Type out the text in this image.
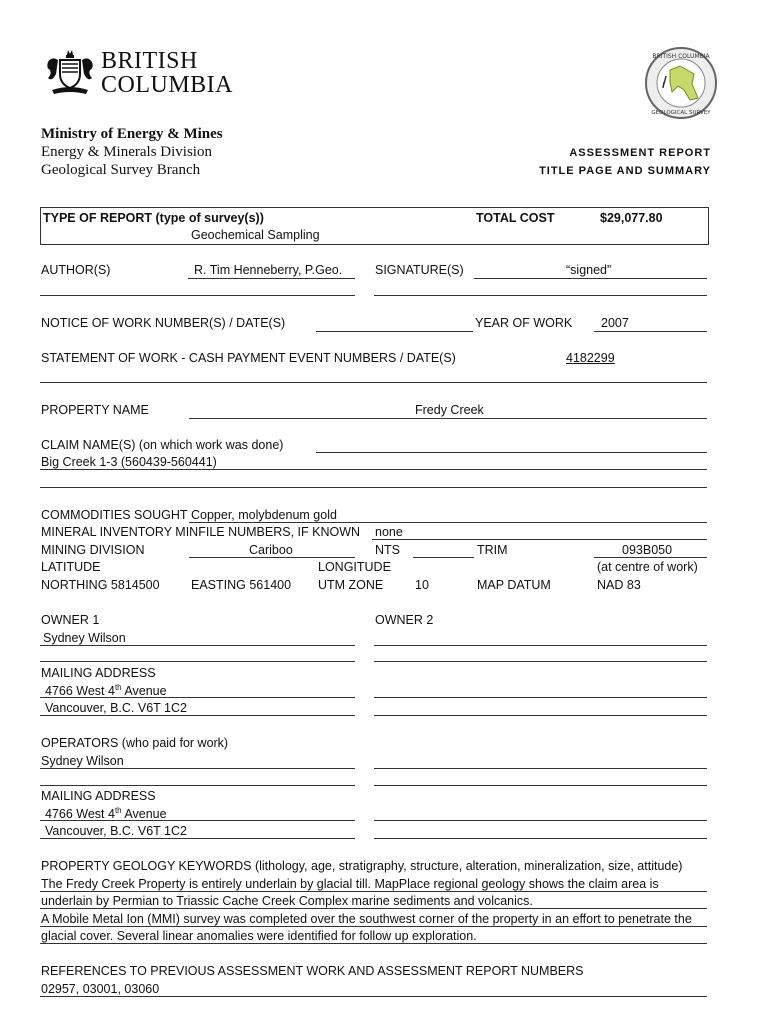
BRITISH
COLUMBIA
Ministry of Energy & Mines
Energy & Minerals Division
Geological Survey Branch
ASSESSMENT REPORT
TITLE PAGE AND SUMMARY
BRITISH COLUMBIA
GEOLOGICAL SURVEY
TYPE OF REPORT (type of survey(s))
Geochemical Sampling
TOTAL COST	$29,077.80
AUTHOR(S)	R. Tim Henneberry, P.Geo.	SIGNATURE(S)	“signed”
NOTICE OF WORK NUMBER(S) / DATE(S)	YEAR OF WORK 2007
STATEMENT OF WORK - CASH PAYMENT EVENT NUMBERS / DATE(S)	4182299
PROPERTY NAME	Fredy Creek
CLAIM NAME(S) (on which work was done)
Big Creek 1-3 (560439-560441)
COMMODITIES SOUGHT Copper, molybdenum gold
MINERAL INVENTORY MINFILE NUMBERS, IF KNOWN none
MINING DIVISION	Cariboo	NTS	TRIM	093B050
LATITUDE	LONGITUDE	(at centre of work)
NORTHING 5814500	EASTING 561400 UTM ZONE	10	MAP DATUM	NAD 83
OWNER 1	OWNER 2
Sydney Wilson
MAILING ADDRESS
4766 West 4th Avenue
Vancouver, B.C. V6T 1C2
OPERATORS (who paid for work)
Sydney Wilson
MAILING ADDRESS
4766 West 4th Avenue
Vancouver, B.C. V6T 1C2
PROPERTY GEOLOGY KEYWORDS (lithology, age, stratigraphy, structure, alteration, mineralization, size, attitude)
The Fredy Creek Property is entirely underlain by glacial till. MapPlace regional geology shows the claim area is
underlain by Permian to Triassic Cache Creek Complex marine sediments and volcanics.
A Mobile Metal Ion (MMI) survey was completed over the southwest corner of the property in an effort to penetrate the
glacial cover. Several linear anomalies were identified for follow up exploration.
REFERENCES TO PREVIOUS ASSESSMENT WORK AND ASSESSMENT REPORT NUMBERS
02957, 03001, 03060
